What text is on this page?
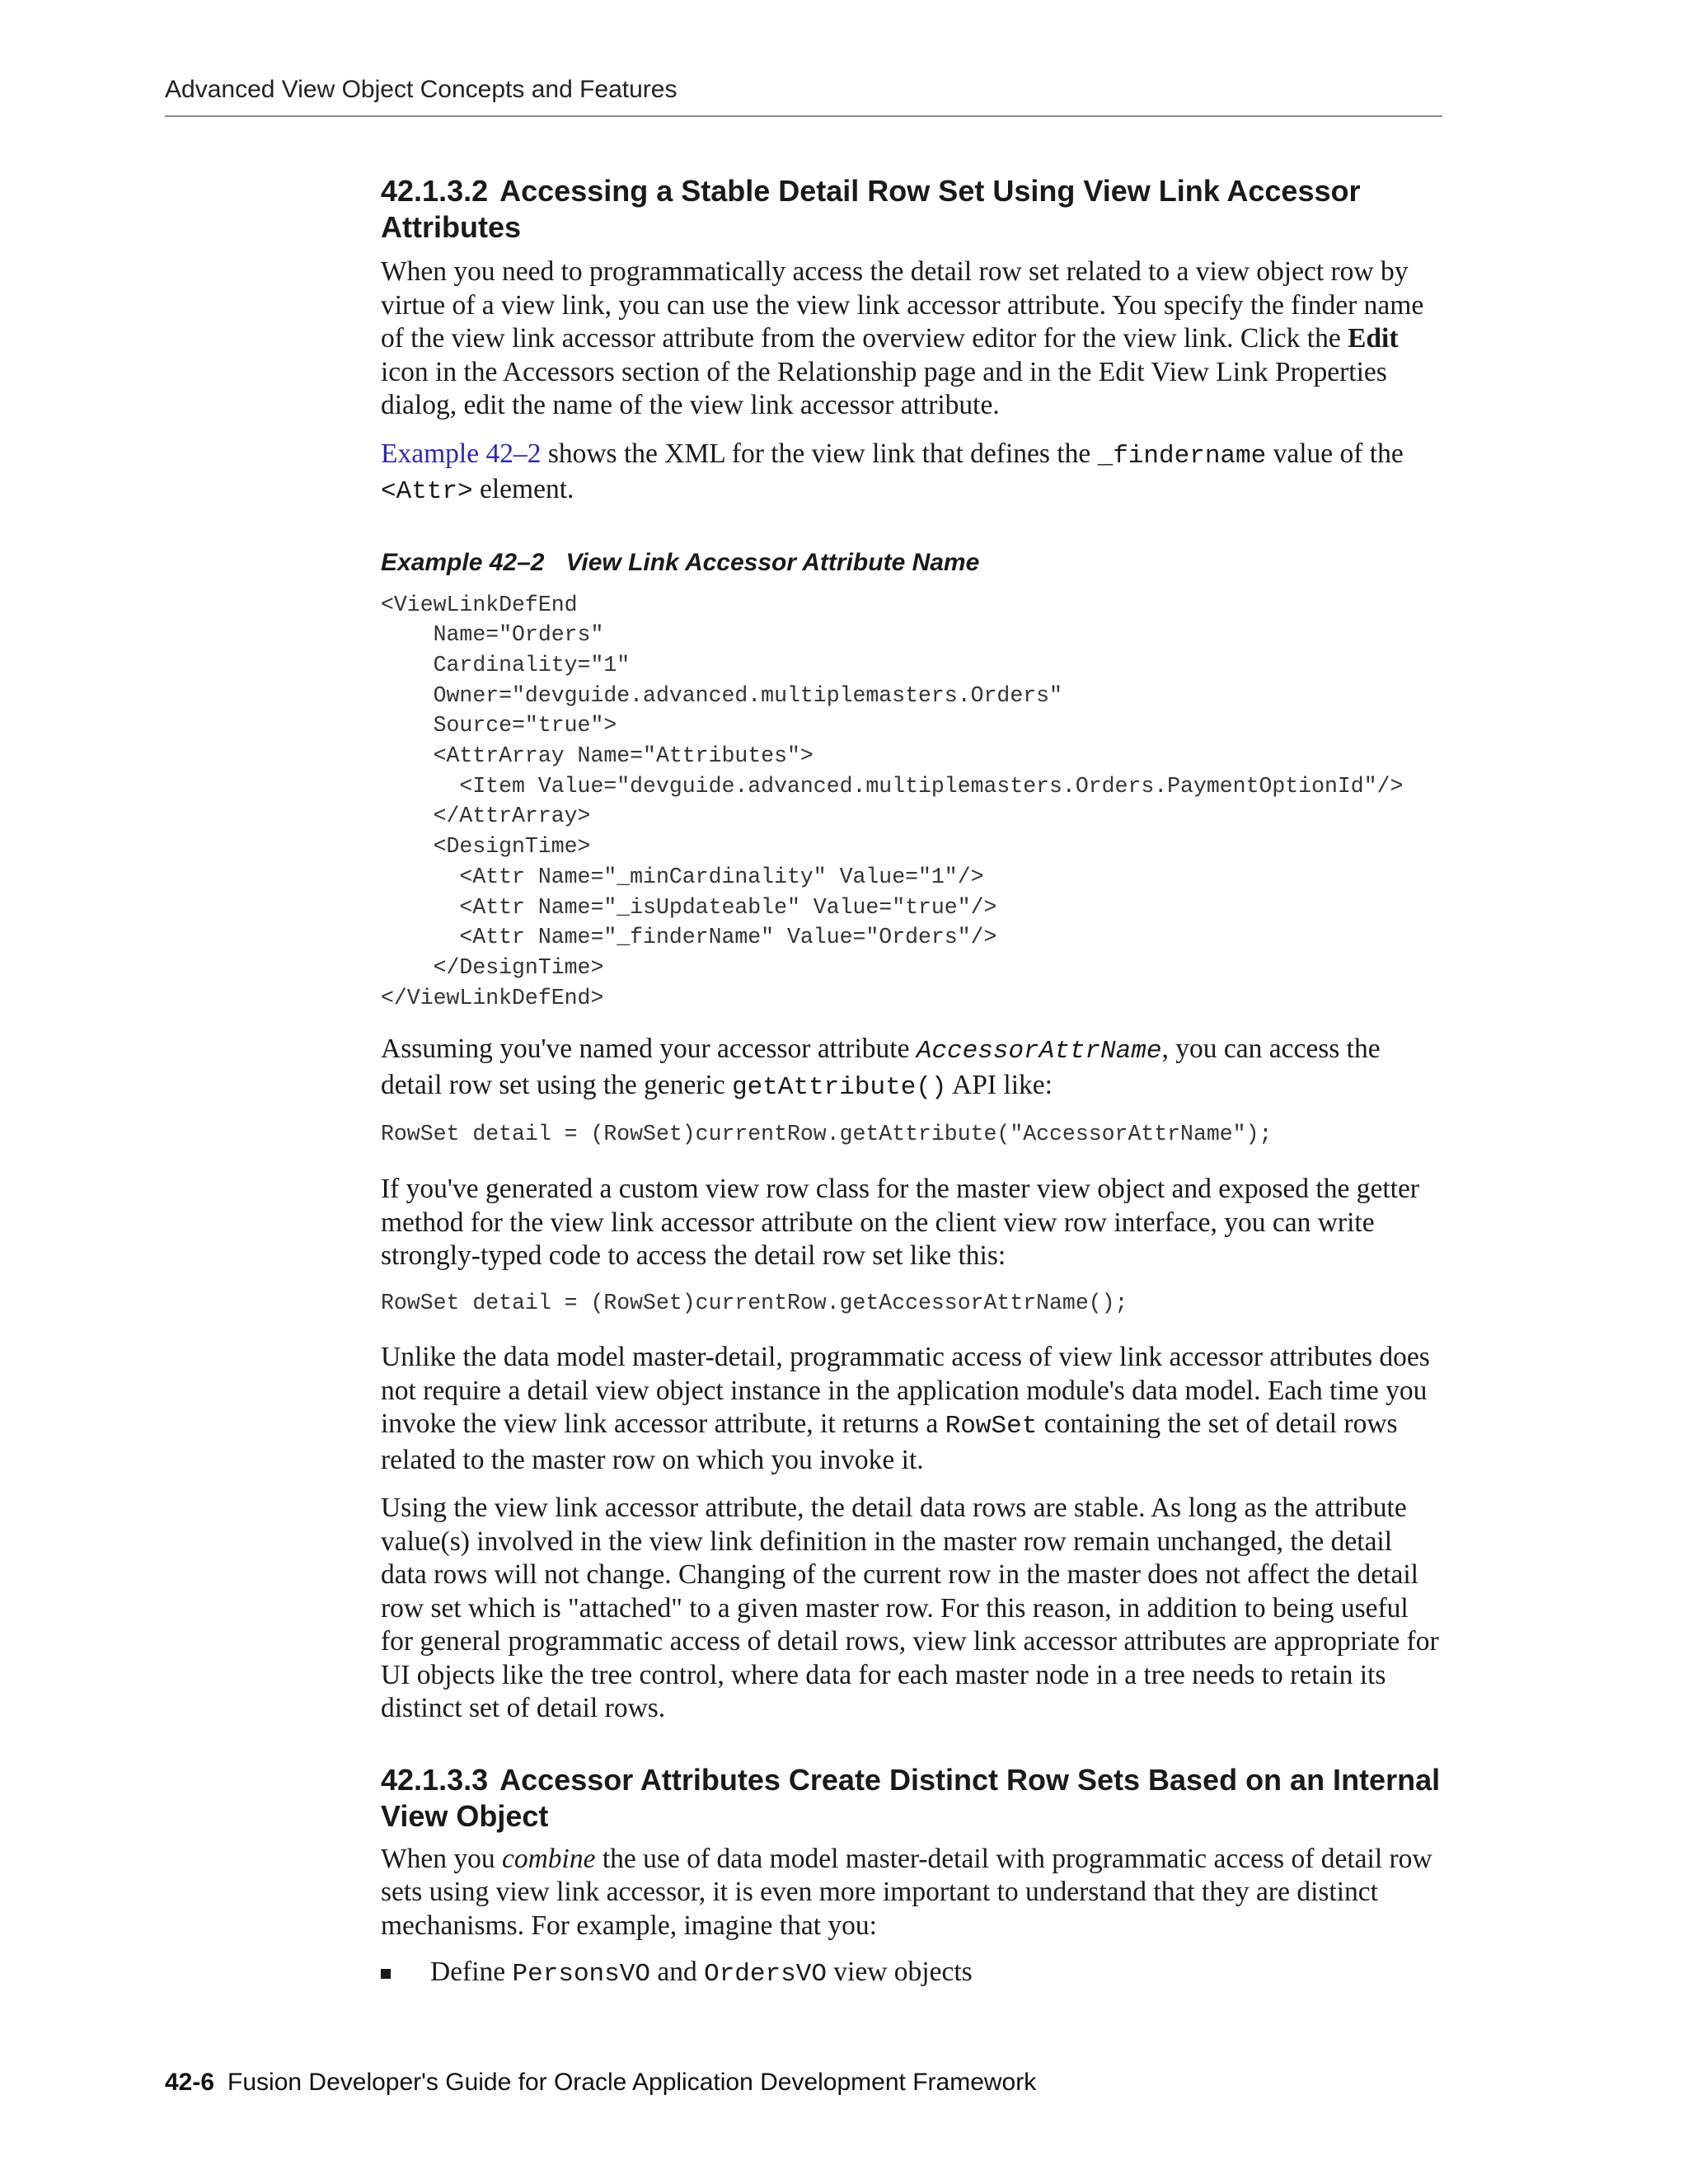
Advanced View Object Concepts and Features
42.1.3.2 Accessing a Stable Detail Row Set Using View Link Accessor Attributes

When you need to programmatically access the detail row set related to a view object row by virtue of a view link, you can use the view link accessor attribute. You specify the finder name of the view link accessor attribute from the overview editor for the view link. Click the Edit icon in the Accessors section of the Relationship page and in the Edit View Link Properties dialog, edit the name of the view link accessor attribute.

Example 42–2 shows the XML for the view link that defines the _findername value of the <Attr> element.

Example 42–2 View Link Accessor Attribute Name

<ViewLinkDefEnd
Name="Orders"
Cardinality="1"
Owner="devguide.advanced.multiplemasters.Orders"
Source="true">
<AttrArray Name="Attributes">
<Item Value="devguide.advanced.multiplemasters.Orders.PaymentOptionId"/>
</AttrArray>
<DesignTime>
<Attr Name="_minCardinality" Value="1"/>
<Attr Name="_isUpdateable" Value="true"/>
<Attr Name="_finderName" Value="Orders"/>
</DesignTime>
</ViewLinkDefEnd>

Assuming you've named your accessor attribute AccessorAttrName, you can access the detail row set using the generic getAttribute() API like:

RowSet detail = (RowSet)currentRow.getAttribute("AccessorAttrName");

If you've generated a custom view row class for the master view object and exposed the getter method for the view link accessor attribute on the client view row interface, you can write strongly-typed code to access the detail row set like this:

RowSet detail = (RowSet)currentRow.getAccessorAttrName();

Unlike the data model master-detail, programmatic access of view link accessor attributes does not require a detail view object instance in the application module's data model. Each time you invoke the view link accessor attribute, it returns a RowSet containing the set of detail rows related to the master row on which you invoke it.

Using the view link accessor attribute, the detail data rows are stable. As long as the attribute value(s) involved in the view link definition in the master row remain unchanged, the detail data rows will not change. Changing of the current row in the master does not affect the detail row set which is "attached" to a given master row. For this reason, in addition to being useful for general programmatic access of detail rows, view link accessor attributes are appropriate for UI objects like the tree control, where data for each master node in a tree needs to retain its distinct set of detail rows.

42.1.3.3 Accessor Attributes Create Distinct Row Sets Based on an Internal View Object

When you combine the use of data model master-detail with programmatic access of detail row sets using view link accessor, it is even more important to understand that they are distinct mechanisms. For example, imagine that you:

Define PersonsVO and OrdersVO view objects
42-6 Fusion Developer's Guide for Oracle Application Development Framework
